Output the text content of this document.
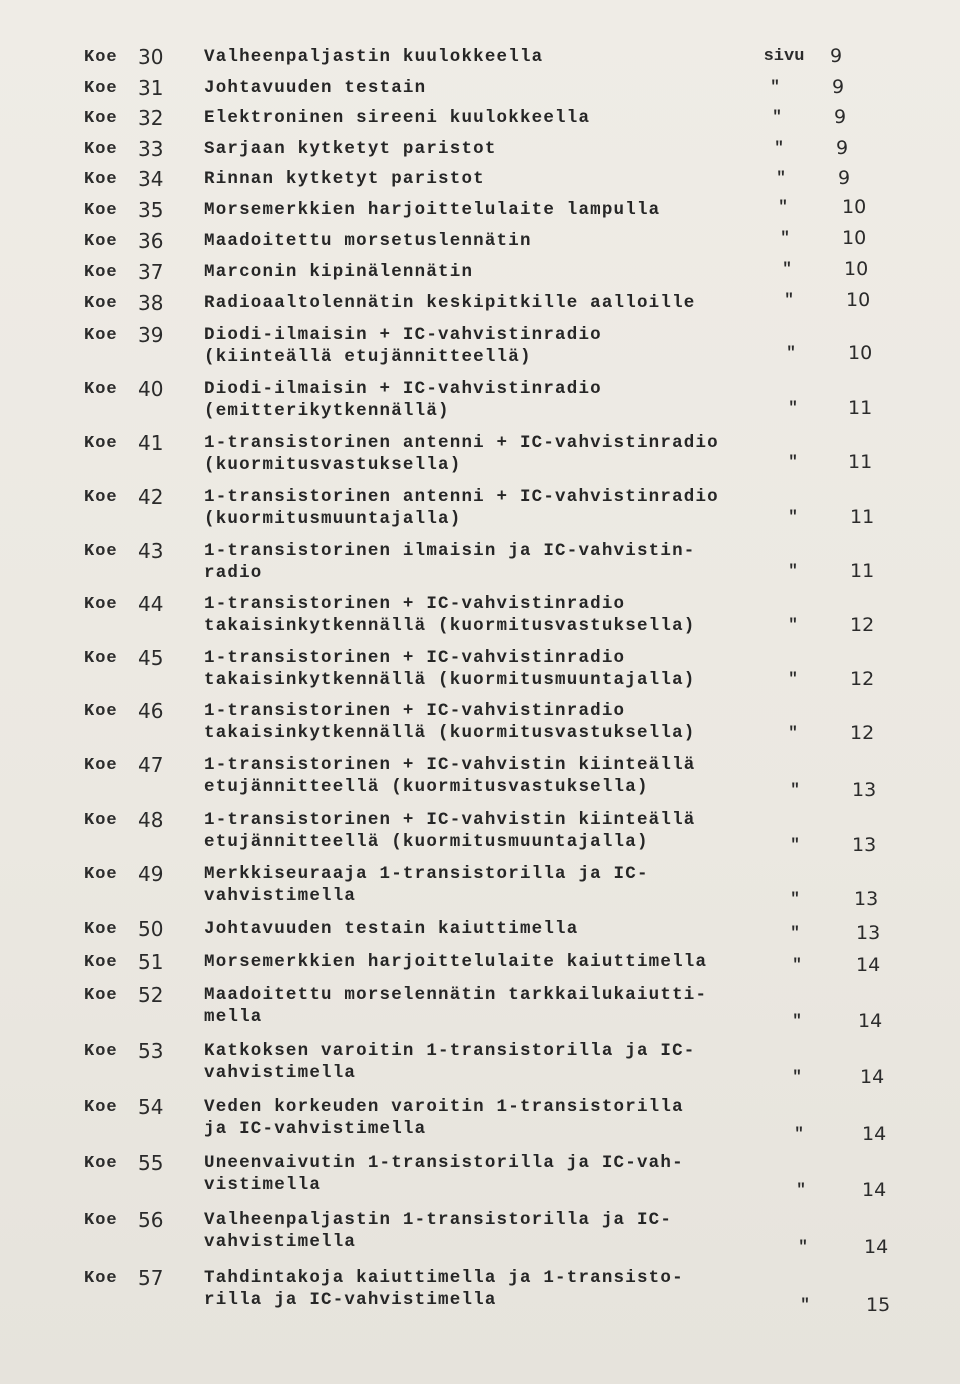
Koe	30	Valheenpaljastin kuulokkeella	sivu	9
Koe	31	Johtavuuden testain	"	9
Koe	32	Elektroninen sireeni kuulokkeella	"	9
Koe	33	Sarjaan kytketyt paristot	"	9
Koe	34	Rinnan kytketyt paristot	"	9
Koe	35	Morsemerkkien harjoittelulaite lampulla	"	10
Koe	36	Maadoitettu morsetuslennätin	"	10
Koe	37	Marconin kipinälennätin	"	10
Koe	38	Radioaaltolennätin keskipitkille aalloille	"	10
Koe	39	Diodi-ilmaisin + IC-vahvistinradio
(kiinteällä etujännitteellä)	"	10
Koe	40	Diodi-ilmaisin + IC-vahvistinradio
(emitterikytkennällä)	"	11
Koe	41	1-transistorinen antenni + IC-vahvistinradio
(kuormitusvastuksella)	"	11
Koe	42	1-transistorinen antenni + IC-vahvistinradio
(kuormitusmuuntajalla)	"	11
Koe	43	1-transistorinen ilmaisin ja IC-vahvistin-
radio	"	11
Koe	44	1-transistorinen + IC-vahvistinradio
takaisinkytkennällä (kuormitusvastuksella)	"	12
Koe	45	1-transistorinen + IC-vahvistinradio
takaisinkytkennällä (kuormitusmuuntajalla)	"	12
Koe	46	1-transistorinen + IC-vahvistinradio
takaisinkytkennällä (kuormitusvastuksella)	"	12
Koe	47	1-transistorinen + IC-vahvistin kiinteällä
etujännitteellä (kuormitusvastuksella)	"	13
Koe	48	1-transistorinen + IC-vahvistin kiinteällä
etujännitteellä (kuormitusmuuntajalla)	"	13
Koe	49	Merkkiseuraaja 1-transistorilla ja IC-
vahvistimella	"	13
Koe	50	Johtavuuden testain kaiuttimella	"	13
Koe	51	Morsemerkkien harjoittelulaite kaiuttimella	"	14
Koe	52	Maadoitettu morselennätin tarkkailukaiutti-
mella	"	14
Koe	53	Katkoksen varoitin 1-transistorilla ja IC-
vahvistimella	"	14
Koe	54	Veden korkeuden varoitin 1-transistorilla
ja IC-vahvistimella	"	14
Koe	55	Uneenvaivutin 1-transistorilla ja IC-vah-
vistimella	"	14
Koe	56	Valheenpaljastin 1-transistorilla ja IC-
vahvistimella	"	14
Koe	57	Tahdintakoja kaiuttimella ja 1-transisto-
rilla ja IC-vahvistimella	"	15
